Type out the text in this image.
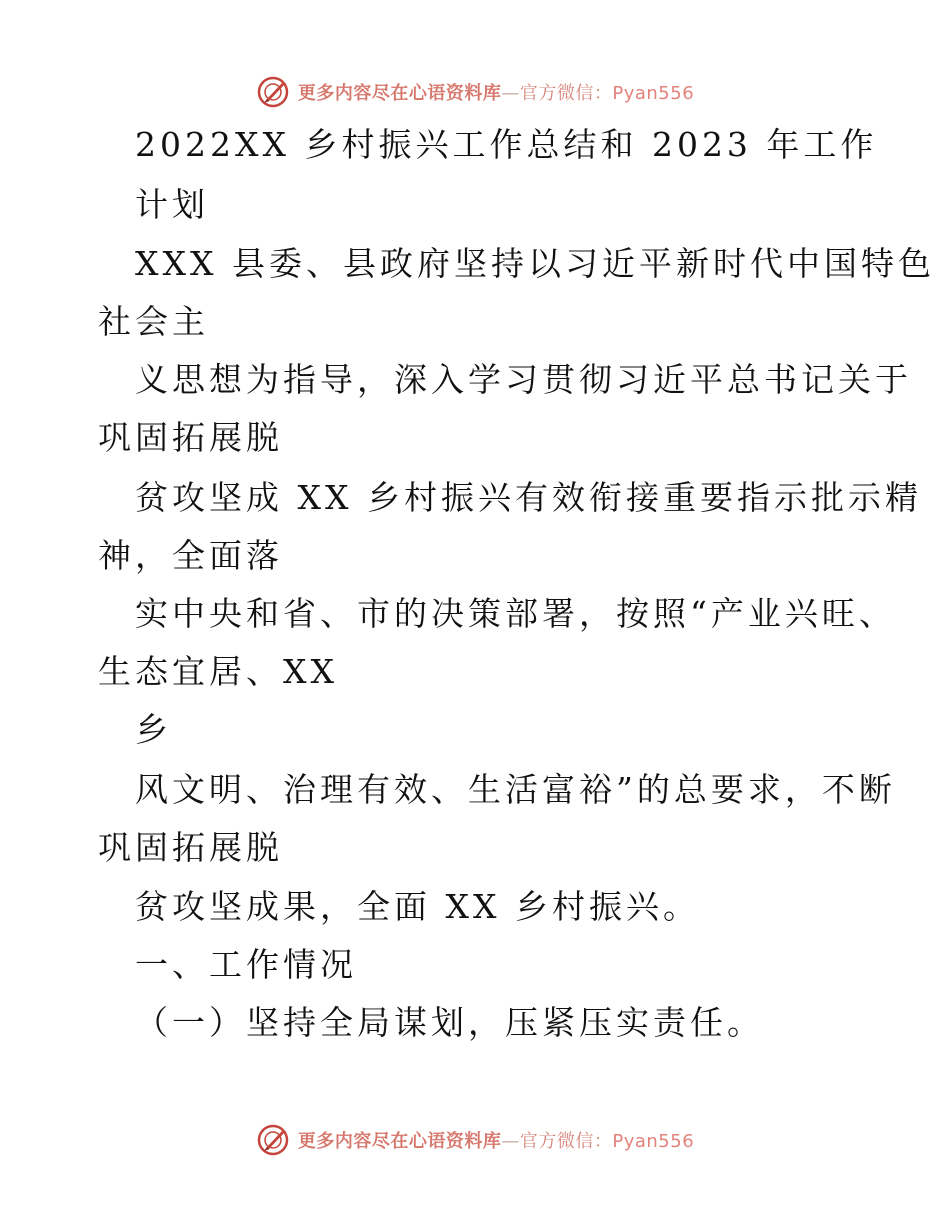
更多内容尽在心语资料库—官方微信：Pyan556
2022XX 乡村振兴工作总结和 2023 年工作
计划
XXX 县委、县政府坚持以习近平新时代中国特色
社会主
义思想为指导，深入学习贯彻习近平总书记关于
巩固拓展脱
贫攻坚成 XX 乡村振兴有效衔接重要指示批示精
神，全面落
实中央和省、市的决策部署，按照“产业兴旺、
生态宜居、XX
乡
风文明、治理有效、生活富裕”的总要求，不断
巩固拓展脱
贫攻坚成果，全面 XX 乡村振兴。
一、工作情况
（一）坚持全局谋划，压紧压实责任。
更多内容尽在心语资料库—官方微信：Pyan556
